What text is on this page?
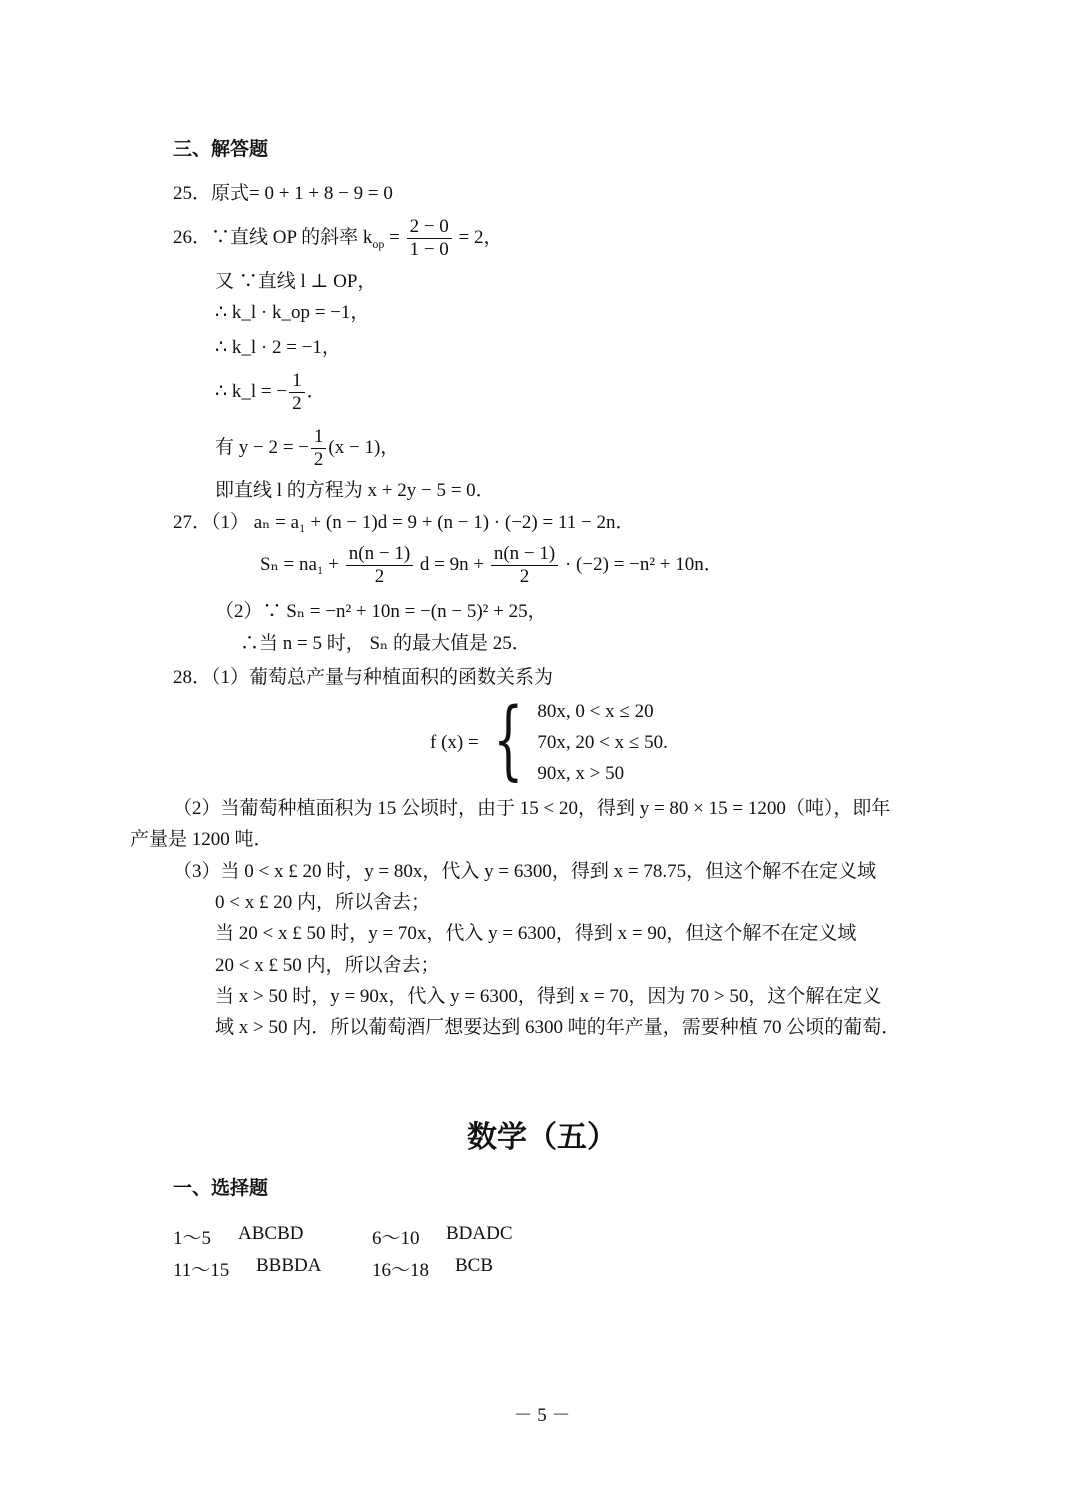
三、解答题
25．原式= 0 + 1 + 8 − 9 = 0
26．∵直线 OP 的斜率 $k_{op} = \frac{2 - 0}{1 - 0} = 2$，
又 ∵直线 l ⊥ OP，
∴ k_l · k_op = −1，
∴ k_l · 2 = −1，
∴ k_l = − $\frac{1}{2}$ ．
有 y − 2 = − $\frac{1}{2} (x - 1)$，
即直线 l 的方程为 x + 2y − 5 = 0．
27．（1） aₙ = a₁ + (n − 1)d = 9 + (n − 1) · (−2) = 11 − 2n．
$S_n = na_1 + \frac{n(n - 1)}{2}$ $d = 9n + \frac{n(n - 1)}{2} \cdot (-2) = -n^2 + 10n$．
（2）∵ Sₙ = −n² + 10n = −(n − 5)² + 25，
∴当 n = 5 时， Sₙ 的最大值是 25．
28．（1）葡萄总产量与种植面积的函数关系为
f (x) = { 80x, 0 < x ≤ 20
70x, 20 < x ≤ 50.
90x, x > 50
（2）当葡萄种植面积为 15 公顷时，由于 15 < 20，得到 y = 80 × 15 = 1200（吨），即年
产量是 1200 吨．
（3）当 0 < x £ 20 时，y = 80x，代入 y = 6300，得到 x = 78.75，但这个解不在定义域
0 < x £ 20 内，所以舍去；
当 20 < x £ 50 时，y = 70x，代入 y = 6300，得到 x = 90，但这个解不在定义域
20 < x £ 50 内，所以舍去；
当 x > 50 时，y = 90x，代入 y = 6300，得到 x = 70，因为 70 > 50，这个解在定义
域 x > 50 内．所以葡萄酒厂想要达到 6300 吨的年产量，需要种植 70 公顷的葡萄．
数学（五）
一、选择题
1～5 ABCBD	6～10 BDADC
11～15 BBBDA	16～18 BCB
－ 5 －
